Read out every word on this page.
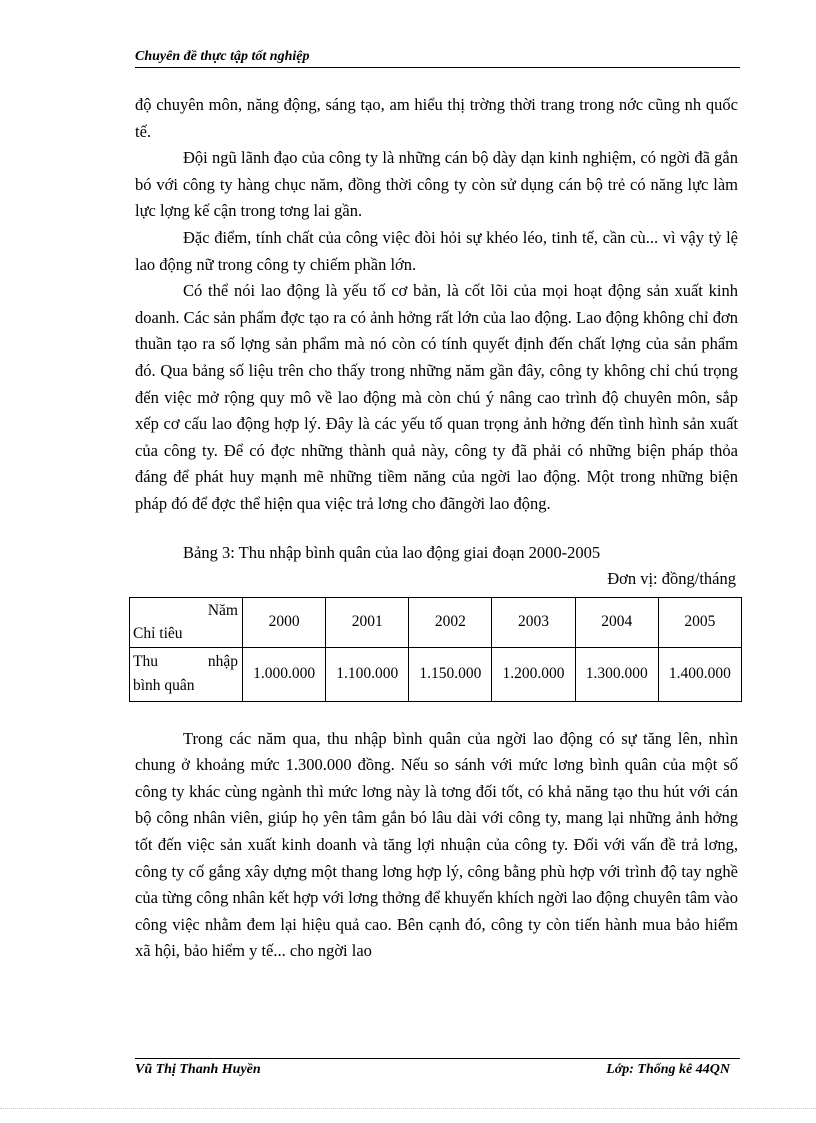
Chuyên đề thực tập tốt nghiệp

độ chuyên môn, năng động, sáng tạo, am hiểu thị trờng thời trang trong nớc cũng nh quốc tế.

Đội ngũ lãnh đạo của công ty là những cán bộ dày dạn kinh nghiệm, có ngời đã gắn bó với công ty hàng chục năm, đồng thời công ty còn sử dụng cán bộ trẻ có năng lực làm lực lợng kế cận trong tơng lai gần.

Đặc điểm, tính chất của công việc đòi hỏi sự khéo léo, tinh tế, cần cù... vì vậy tỷ lệ lao động nữ trong công ty chiếm phần lớn.

Có thể nói lao động là yếu tố cơ bản, là cốt lõi của mọi hoạt động sản xuất kinh doanh. Các sản phẩm đợc tạo ra có ảnh hởng rất lớn của lao động. Lao động không chỉ đơn thuần tạo ra số lợng sản phẩm mà nó còn có tính quyết định đến chất lợng của sản phẩm đó. Qua bảng số liệu trên cho thấy trong những năm gần đây, công ty không chỉ chú trọng đến việc mở rộng quy mô về lao động mà còn chú ý nâng cao trình độ chuyên môn, sắp xếp cơ cấu lao động hợp lý. Đây là các yếu tố quan trọng ảnh hởng đến tình hình sản xuất của công ty. Để có đợc những thành quả này, công ty đã phải có những biện pháp thỏa đáng để phát huy mạnh mẽ những tiềm năng của ngời lao động. Một trong những biện pháp đó để đợc thể hiện qua việc trả lơng cho đãngời lao động.

Bảng 3: Thu nhập bình quân của lao động giai đoạn 2000-2005

Đơn vị: đồng/tháng

Năm
Chỉ tiêu	2000	2001	2002	2003	2004	2005

Thu nhập
bình quân	1.000.000	1.100.000	1.150.000	1.200.000	1.300.000	1.400.000

Trong các năm qua, thu nhập bình quân của ngời lao động có sự tăng lên, nhìn chung ở khoảng mức 1.300.000 đồng. Nếu so sánh với mức lơng bình quân của một số công ty khác cùng ngành thì mức lơng này là tơng đối tốt, có khả năng tạo thu hút với cán bộ công nhân viên, giúp họ yên tâm gắn bó lâu dài với công ty, mang lại những ảnh hởng tốt đến việc sản xuất kinh doanh và tăng lợi nhuận của công ty. Đối với vấn đề trả lơng, công ty cố gắng xây dựng một thang lơng hợp lý, công bằng phù hợp với trình độ tay nghề của từng công nhân kết hợp với lơng thởng để khuyến khích ngời lao động chuyên tâm vào công việc nhằm đem lại hiệu quả cao. Bên cạnh đó, công ty còn tiến hành mua bảo hiểm xã hội, bảo hiểm y tế... cho ngời lao

Vũ Thị Thanh Huyền	Lớp: Thống kê 44QN
